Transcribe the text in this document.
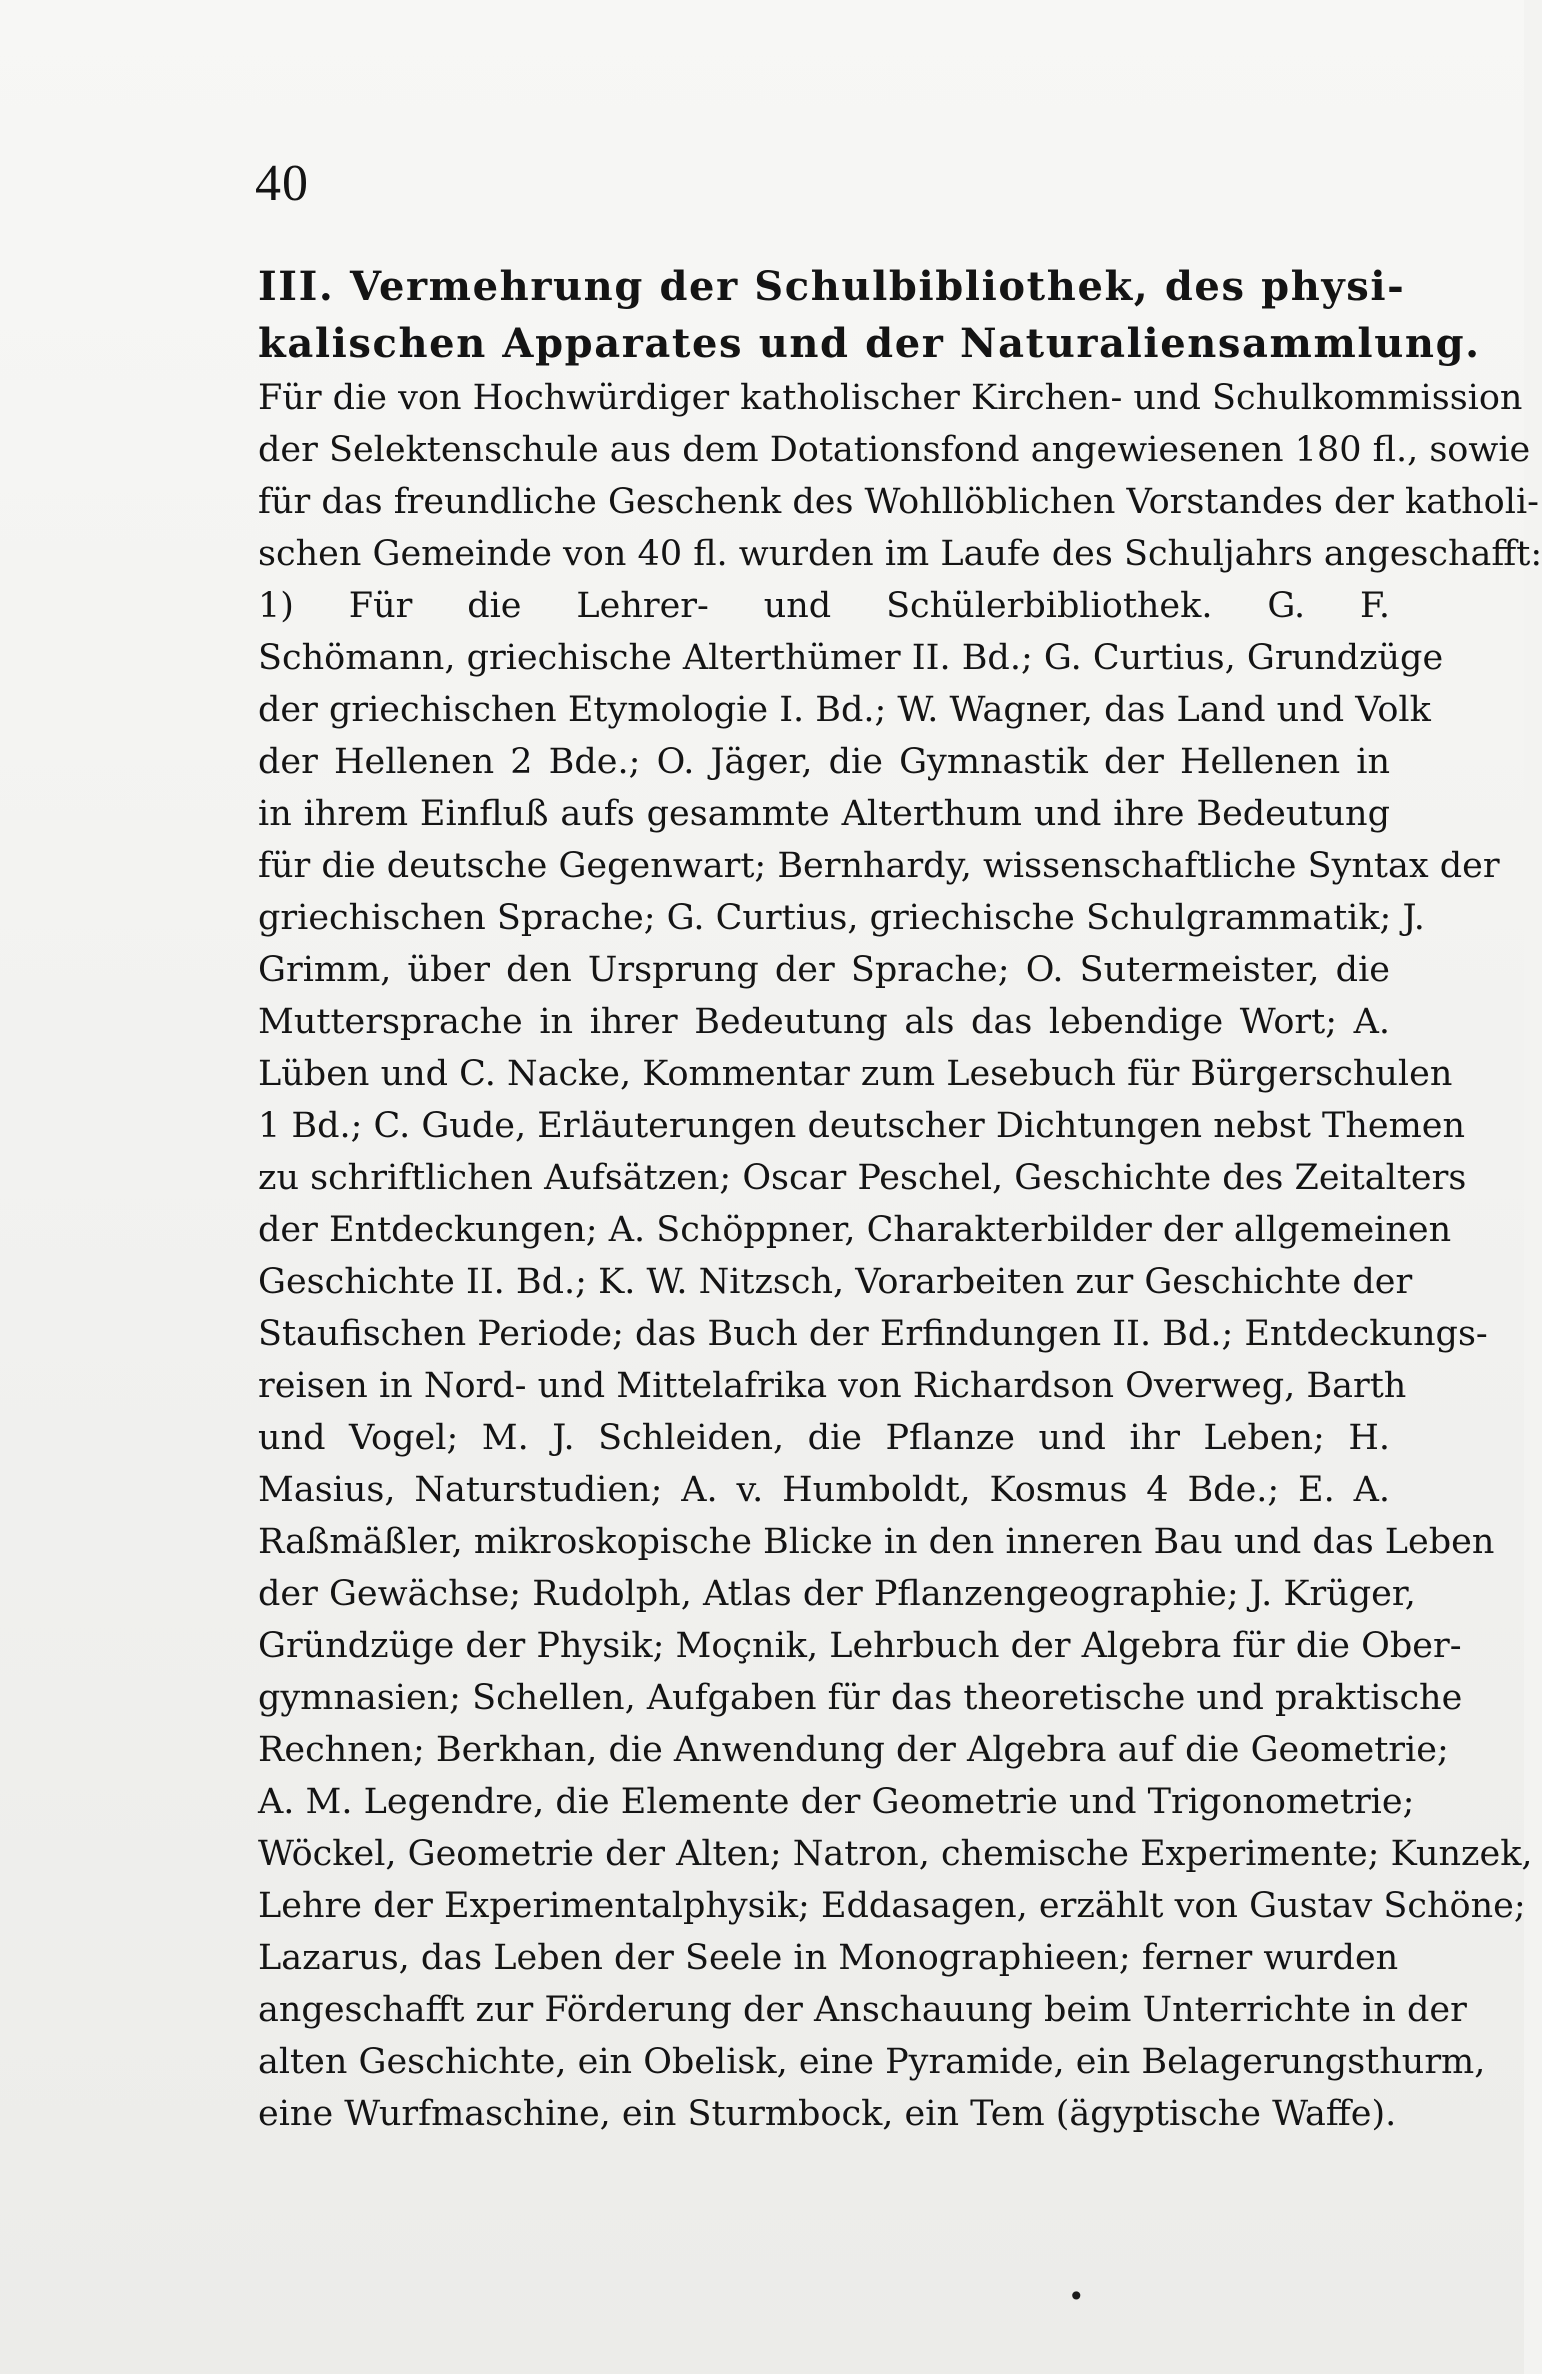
40
III. Vermehrung der Schulbibliothek, des physi-
kalischen Apparates und der Naturaliensammlung.
Für die von Hochwürdiger katholischer Kirchen- und Schulkommission
der Selektenschule aus dem Dotationsfond angewiesenen 180 fl., sowie
für das freundliche Geschenk des Wohllöblichen Vorstandes der katholi-
schen Gemeinde von 40 fl. wurden im Laufe des Schuljahrs angeschafft:
1) Für die Lehrer- und Schülerbibliothek. G. F.
Schömann, griechische Alterthümer II. Bd.; G. Curtius, Grundzüge
der griechischen Etymologie I. Bd.; W. Wagner, das Land und Volk
der Hellenen 2 Bde.; O. Jäger, die Gymnastik der Hellenen in
in ihrem Einfluß aufs gesammte Alterthum und ihre Bedeutung
für die deutsche Gegenwart; Bernhardy, wissenschaftliche Syntax der
griechischen Sprache; G. Curtius, griechische Schulgrammatik; J.
Grimm, über den Ursprung der Sprache; O. Sutermeister, die
Muttersprache in ihrer Bedeutung als das lebendige Wort; A.
Lüben und C. Nacke, Kommentar zum Lesebuch für Bürgerschulen
1 Bd.; C. Gude, Erläuterungen deutscher Dichtungen nebst Themen
zu schriftlichen Aufsätzen; Oscar Peschel, Geschichte des Zeitalters
der Entdeckungen; A. Schöppner, Charakterbilder der allgemeinen
Geschichte II. Bd.; K. W. Nitzsch, Vorarbeiten zur Geschichte der
Staufischen Periode; das Buch der Erfindungen II. Bd.; Entdeckungs-
reisen in Nord- und Mittelafrika von Richardson Overweg, Barth
und Vogel; M. J. Schleiden, die Pflanze und ihr Leben; H.
Masius, Naturstudien; A. v. Humboldt, Kosmus 4 Bde.; E. A.
Raßmäßler, mikroskopische Blicke in den inneren Bau und das Leben
der Gewächse; Rudolph, Atlas der Pflanzengeographie; J. Krüger,
Gründzüge der Physik; Moçnik, Lehrbuch der Algebra für die Ober-
gymnasien; Schellen, Aufgaben für das theoretische und praktische
Rechnen; Berkhan, die Anwendung der Algebra auf die Geometrie;
A. M. Legendre, die Elemente der Geometrie und Trigonometrie;
Wöckel, Geometrie der Alten; Natron, chemische Experimente; Kunzek,
Lehre der Experimentalphysik; Eddasagen, erzählt von Gustav Schöne;
Lazarus, das Leben der Seele in Monographieen; ferner wurden
angeschafft zur Förderung der Anschauung beim Unterrichte in der
alten Geschichte, ein Obelisk, eine Pyramide, ein Belagerungsthurm,
eine Wurfmaschine, ein Sturmbock, ein Tem (ägyptische Waffe).
•
